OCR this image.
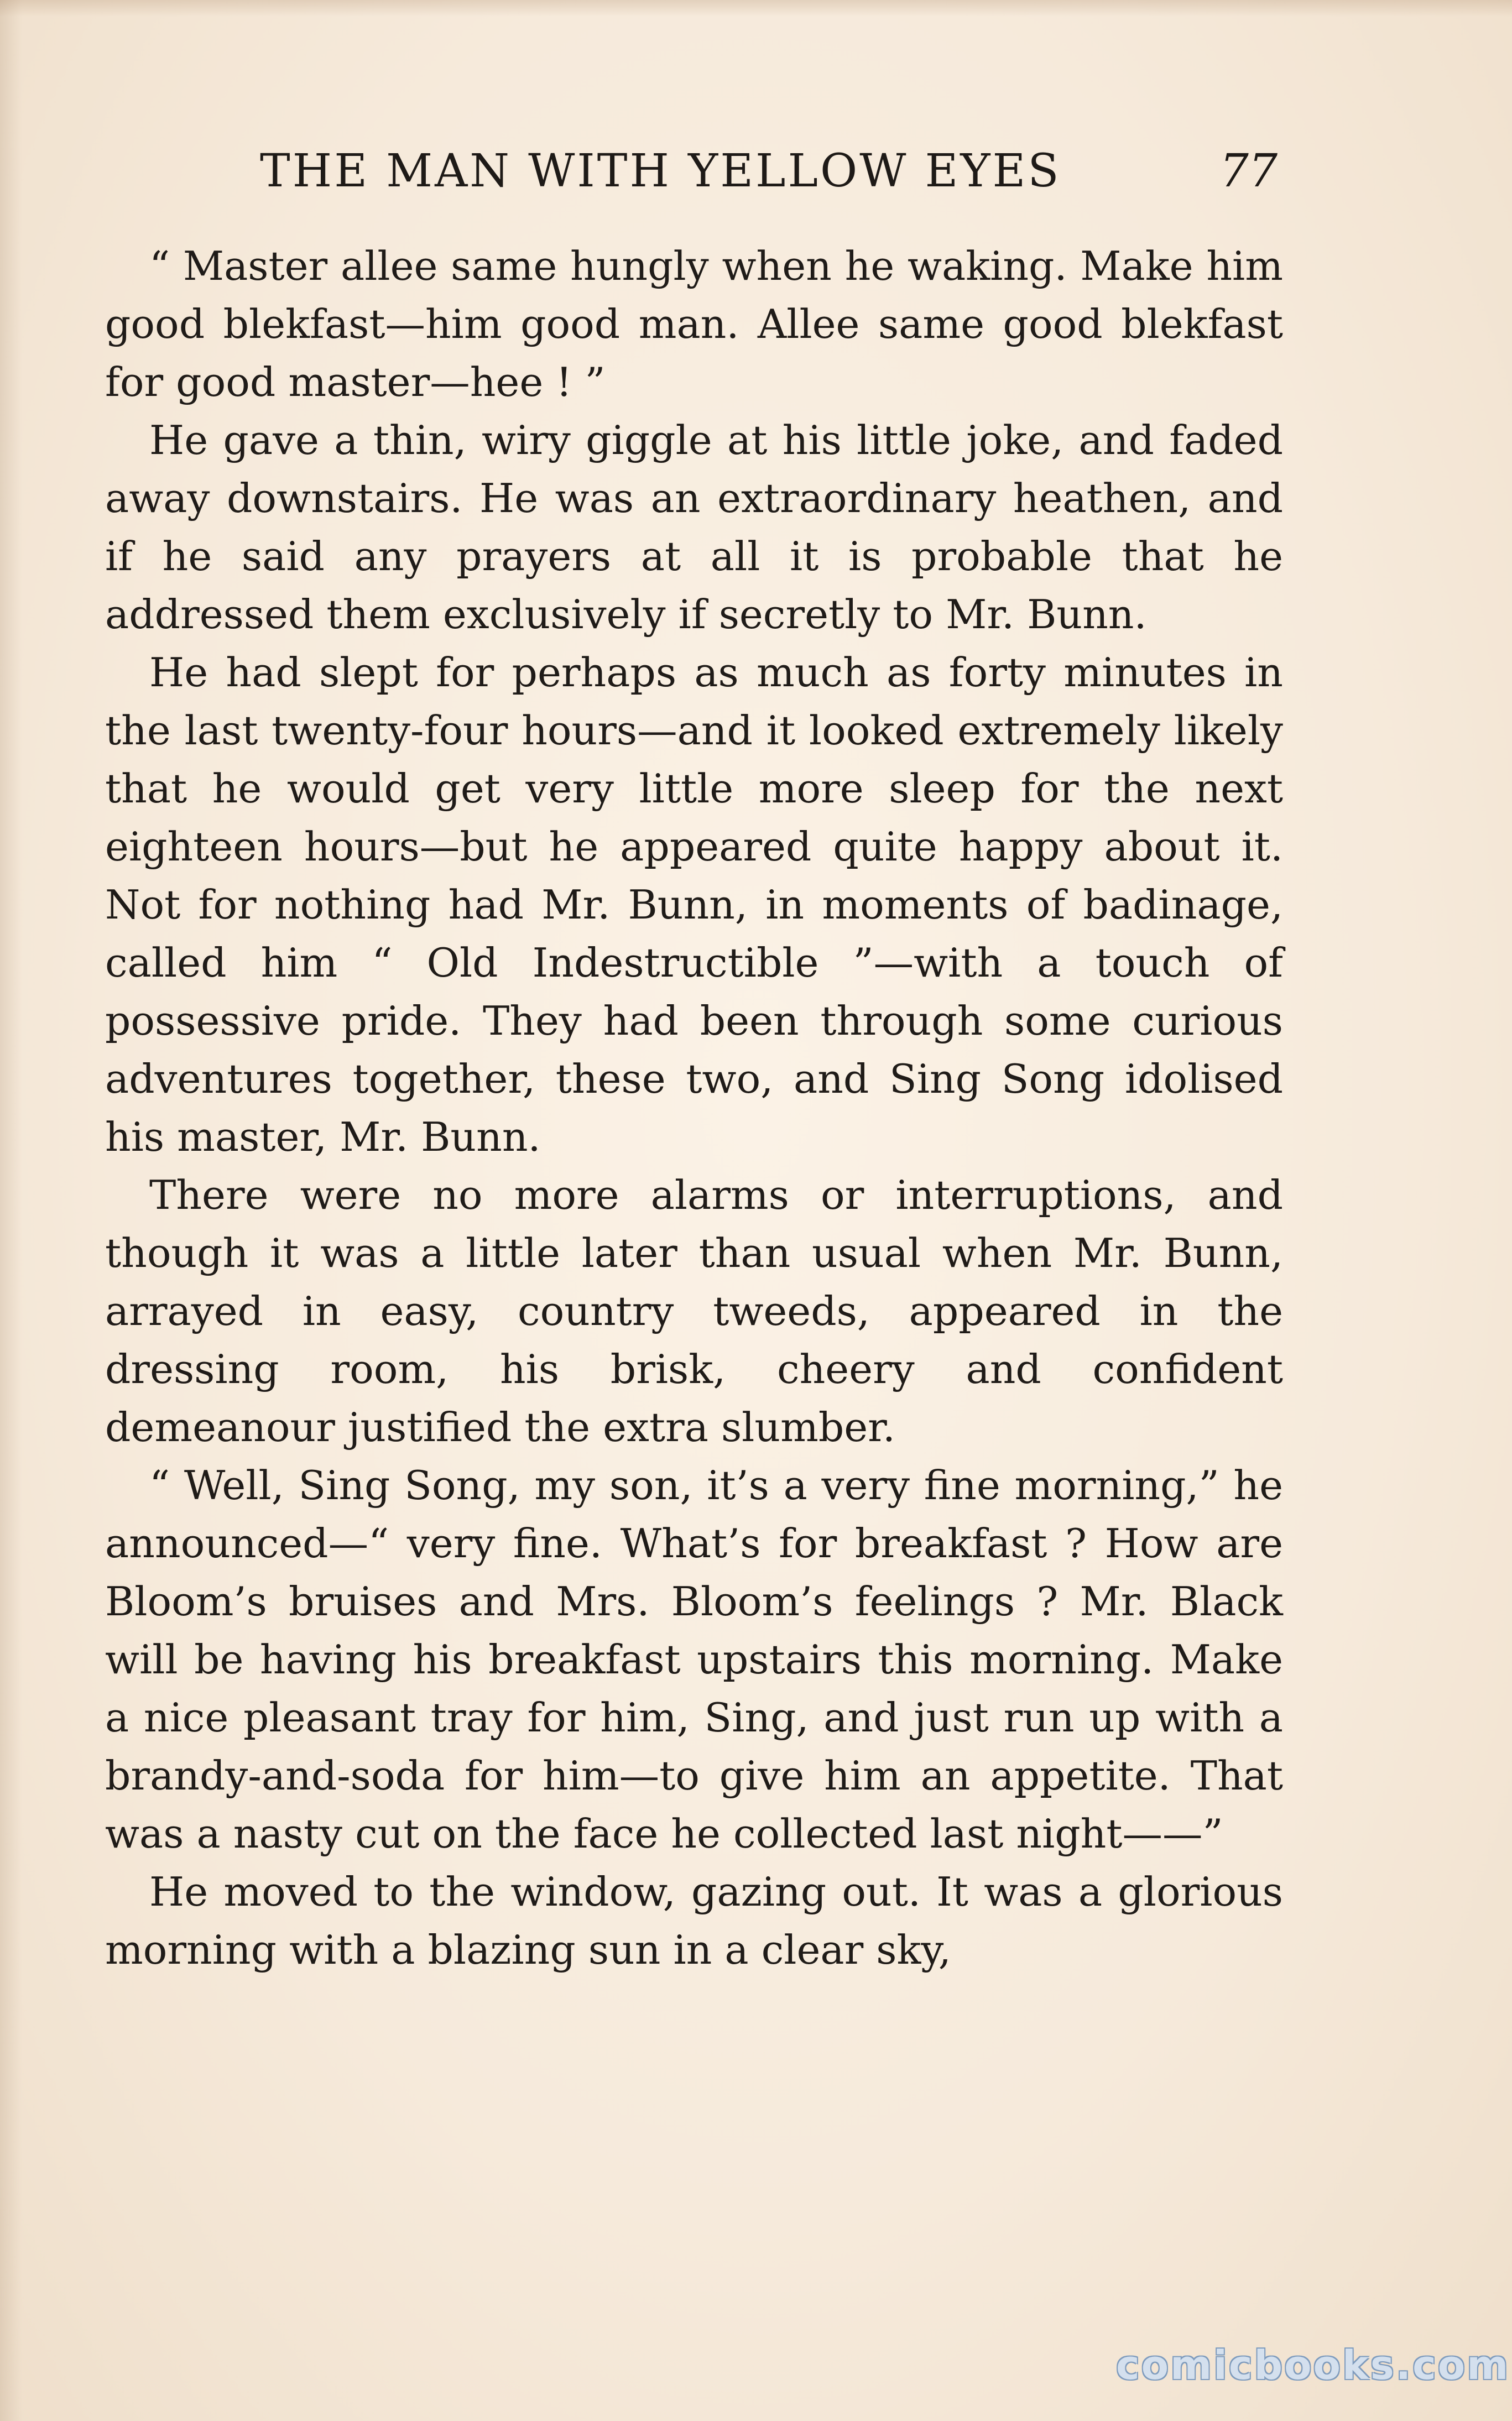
THE MAN WITH YELLOW EYES	77

“ Master allee same hungly when he waking. Make him good blekfast—him good man. Allee same good blekfast for good master—hee ! ”

He gave a thin, wiry giggle at his little joke, and faded away downstairs. He was an extraordinary heathen, and if he said any prayers at all it is probable that he addressed them exclusively if secretly to Mr. Bunn.

He had slept for perhaps as much as forty minutes in the last twenty-four hours—and it looked extremely likely that he would get very little more sleep for the next eighteen hours—but he appeared quite happy about it. Not for nothing had Mr. Bunn, in moments of badinage, called him “ Old Indestructible ”—with a touch of possessive pride. They had been through some curious adventures together, these two, and Sing Song idolised his master, Mr. Bunn.

There were no more alarms or interruptions, and though it was a little later than usual when Mr. Bunn, arrayed in easy, country tweeds, appeared in the dressing room, his brisk, cheery and confident demeanour justified the extra slumber.

“ Well, Sing Song, my son, it’s a very fine morning,” he announced—“ very fine. What’s for breakfast ? How are Bloom’s bruises and Mrs. Bloom’s feelings ? Mr. Black will be having his breakfast upstairs this morning. Make a nice pleasant tray for him, Sing, and just run up with a brandy-and-soda for him—to give him an appetite. That was a nasty cut on the face he collected last night——”

He moved to the window, gazing out. It was a glorious morning with a blazing sun in a clear sky,

comicbooks.com
